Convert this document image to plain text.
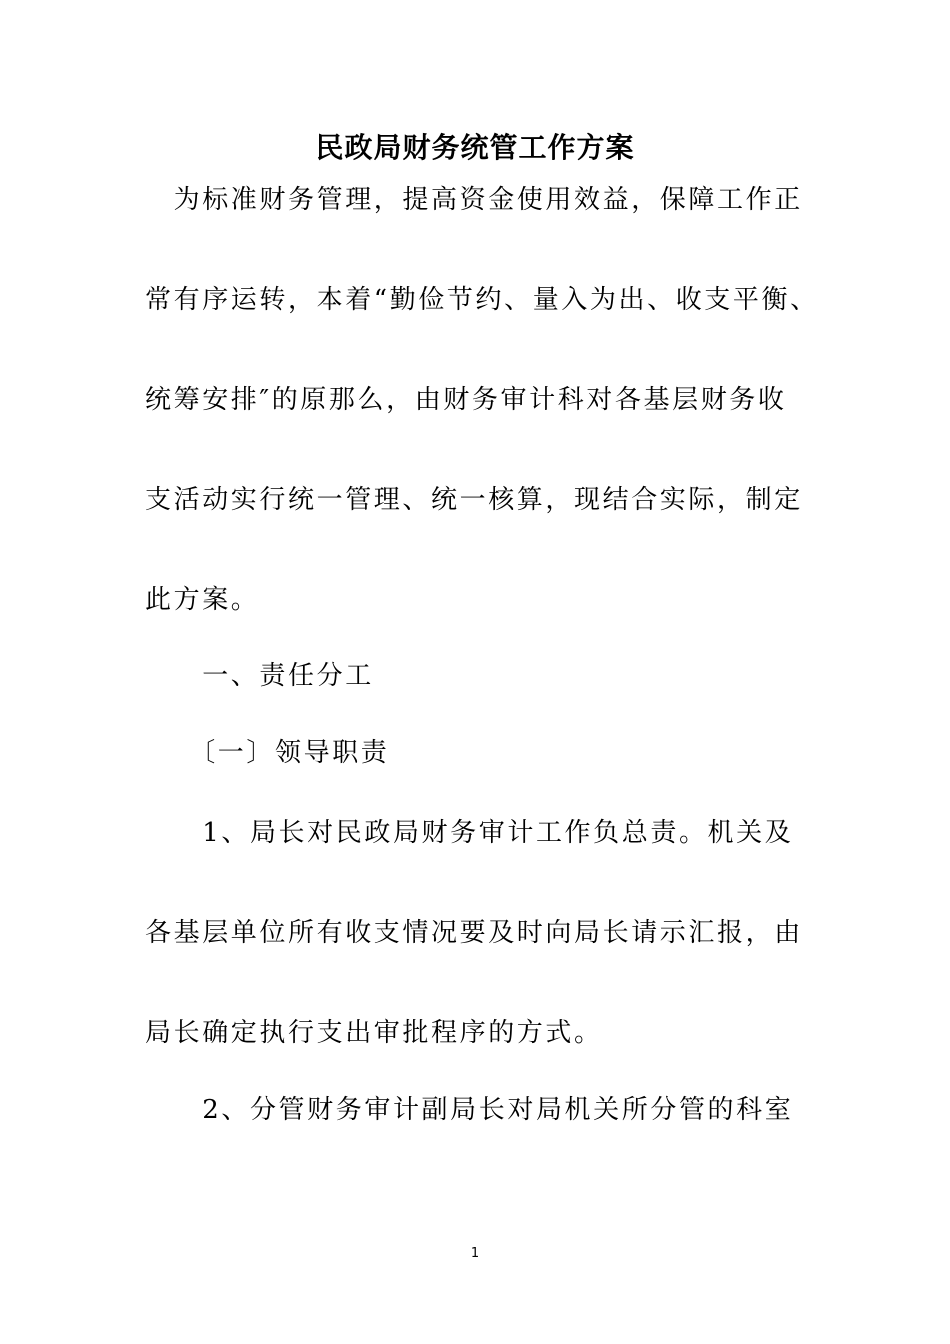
民政局财务统管工作方案
　为标准财务管理，提高资金使用效益，保障工作正
常有序运转，本着“勤俭节约、量入为出、收支平衡、
统筹安排″的原那么，由财务审计科对各基层财务收
支活动实行统一管理、统一核算，现结合实际，制定
此方案。
　　一、责任分工
　　〔一〕领导职责
　　1、局长对民政局财务审计工作负总责。机关及
各基层单位所有收支情况要及时向局长请示汇报，由
局长确定执行支出审批程序的方式。
　　2、分管财务审计副局长对局机关所分管的科室
1
